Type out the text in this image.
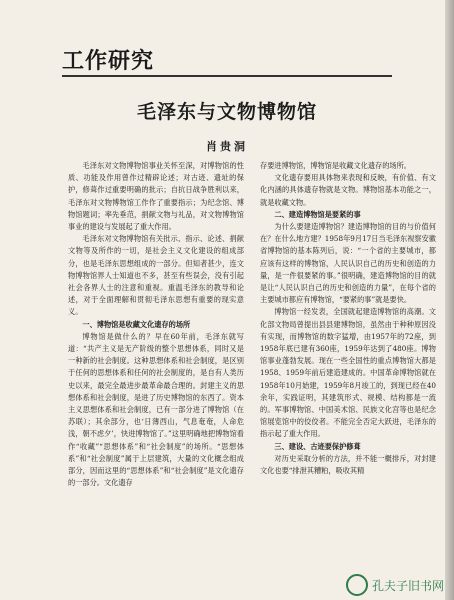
工作研究
毛泽东与文物博物馆
肖贵洞

毛泽东对文物博物馆事业关怀至深，对博物馆的性质、功能及作用曾作过精辟论述；对古迹、遗址的保护，修葺作过重要明确的批示；自抗日战争胜利以来，毛泽东对文物博物馆工作作了重要指示；为纪念馆、博物馆题词；率先垂范，捐献文物与礼品，对文物博物馆事业的建设与发展起了重大作用。

毛泽东对文物博物馆有关批示、指示、论述、捐献文物等及所作的一切，是社会主义文化建设的组成部分，也是毛泽东思想组成的一部分。但知者甚少，连文物博物馆界人士知道也不多，甚至有些误会，没有引起社会各界人士的注意和重视。重温毛泽东的教导和论述，对于全面理解和贯彻毛泽东思想有重要的现实意义。

一、博物馆是收藏文化遗存的场所

博物馆是做什么的？早在60年前，毛泽东就写道：“共产主义是无产阶级的整个思想体系，同时又是一种新的社会制度。这种思想体系和社会制度，是区别于任何的思想体系和任何的社会制度的，是自有人类历史以来，最完全最进步最革命最合理的。封建主义的思想体系和社会制度，是进了历史博物馆的东西了。资本主义思想体系和社会制度，已有一部分进了博物馆（在苏联）；其余部分，也‘日薄西山，气息奄奄，人命危浅，朝不虑夕’，快进博物馆了。”这里明确地把博物馆看作“收藏”“思想体系”和“社会制度”的场所。“思想体系”和“社会制度”属于上层建筑，大量的文化概念组成部分，因而这里的“思想体系”和“社会制度”是文化遗存的一部分。文化遗存

存要进博物馆，博物馆是收藏文化遗存的场所。

文化遗存要用具体物来表现和反映，有价值、有文化内涵的具体遗存物就是文物。博物馆基本功能之一，就是收藏文物。

二、建造博物馆是要紧的事

为什么要建造博物馆？建造博物馆的目的与价值何在？在什么地方建？1958年9月17日当毛泽东视察安徽省博物馆的基本陈列后，说：“一个省的主要城市，都应该有这样的博物馆，人民认识自己的历史和创造的力量，是一件很要紧的事。”很明确，建造博物馆的目的就是让“人民认识自己的历史和创造的力量”，在每个省的主要城市都应有博物馆，“要紧的事”就是要快。

博物馆一经发表，全国就起建造博物馆的高潮。文化部文物局曾提出县县建博物馆，虽然由于种种原因没有实现，而博物馆的数字猛增，由1957年的72座，到1958年底已建有360座，1959年达到了480座。博物馆事业蓬勃发展。现在一些全国性的重点博物馆大都是1958、1959年前后建造建成的。中国革命博物馆就在1958年10月始建，1959年8月竣工的，到现已经在40余年，实践证明，其建筑形式、规模、结构都是一流的。军事博物馆、中国美术馆、民族文化宫等也是纪念馆展览馆中的佼佼者。不能完全否定大跃进，毛泽东的指示起了重大作用。

三、建设、古迹要保护修葺

对历史采取分析的方法，并不能一概排斥，对封建文化也要“排泄其糟粕，吸收其精

孔夫子旧书网
